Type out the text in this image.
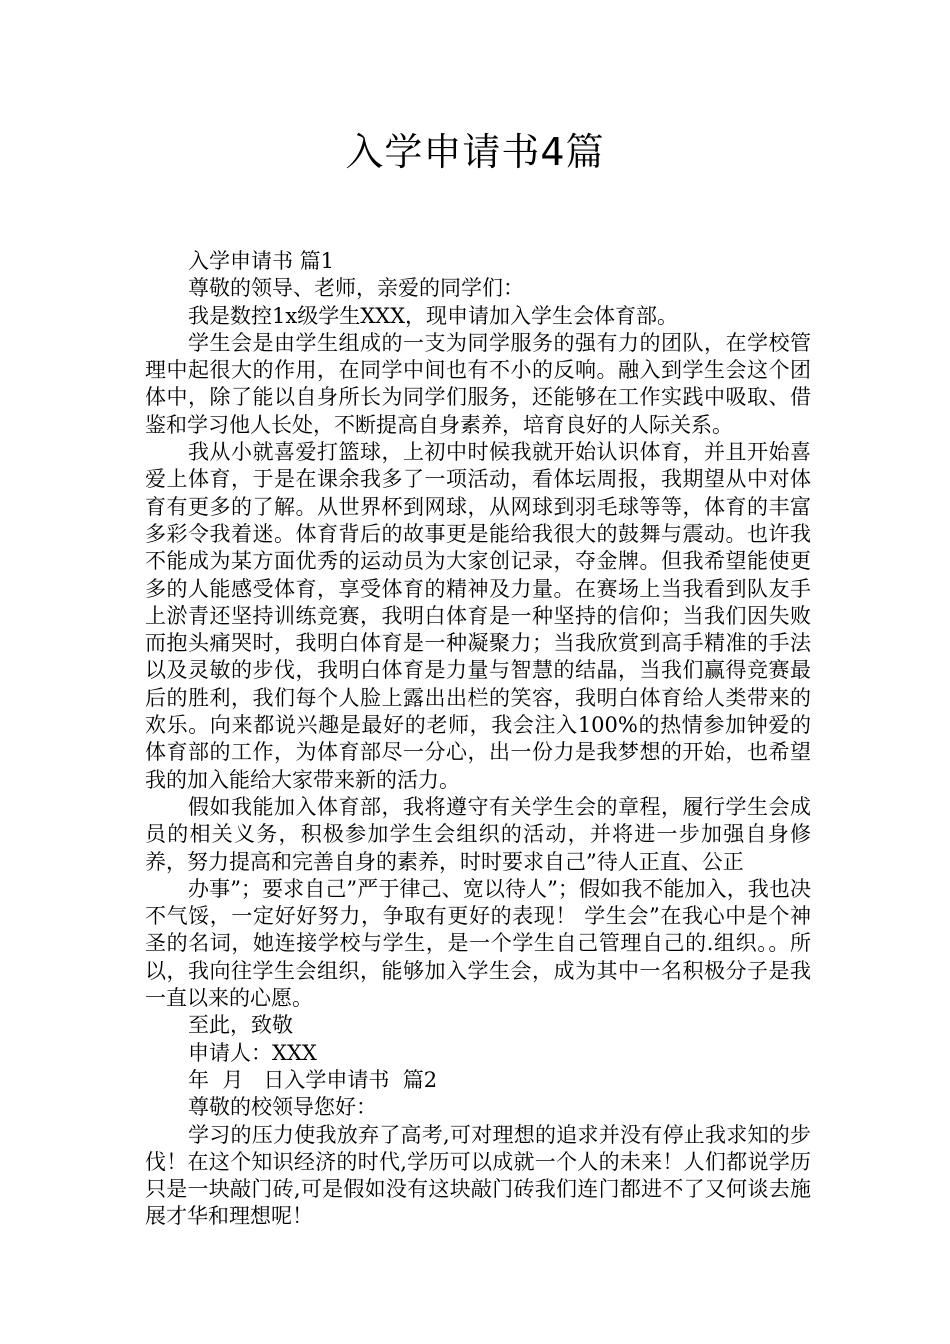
入学申请书4篇

入学申请书 篇1

尊敬的领导、老师，亲爱的同学们：

我是数控1x级学生XXX，现申请加入学生会体育部。

学生会是由学生组成的一支为同学服务的强有力的团队，在学校管理中起很大的作用，在同学中间也有不小的反响。融入到学生会这个团体中，除了能以自身所长为同学们服务，还能够在工作实践中吸取、借鉴和学习他人长处，不断提高自身素养，培育良好的人际关系。

我从小就喜爱打篮球，上初中时候我就开始认识体育，并且开始喜爱上体育，于是在课余我多了一项活动，看体坛周报，我期望从中对体育有更多的了解。从世界杯到网球，从网球到羽毛球等等，体育的丰富多彩令我着迷。体育背后的故事更是能给我很大的鼓舞与震动。也许我不能成为某方面优秀的运动员为大家创记录，夺金牌。但我希望能使更多的人能感受体育，享受体育的精神及力量。在赛场上当我看到队友手上淤青还坚持训练竞赛，我明白体育是一种坚持的信仰；当我们因失败而抱头痛哭时，我明白体育是一种凝聚力；当我欣赏到高手精准的手法以及灵敏的步伐，我明白体育是力量与智慧的结晶，当我们赢得竞赛最后的胜利，我们每个人脸上露出出栏的笑容，我明白体育给人类带来的欢乐。向来都说兴趣是最好的老师，我会注入100%的热情参加钟爱的体育部的工作，为体育部尽一分心，出一份力是我梦想的开始，也希望我的加入能给大家带来新的活力。

假如我能加入体育部，我将遵守有关学生会的章程，履行学生会成员的相关义务，积极参加学生会组织的活动，并将进一步加强自身修养，努力提高和完善自身的素养，时时要求自己”待人正直、公正

办事”；要求自己”严于律己、宽以待人”；假如我不能加入，我也决不气馁，一定好好努力，争取有更好的表现！ 学生会”在我心中是个神圣的名词，她连接学校与学生，是一个学生自己管理自己的.组织。。所以，我向往学生会组织，能够加入学生会，成为其中一名积极分子是我一直以来的心愿。

至此，致敬

申请人：XXX

年  月   日入学申请书  篇2

尊敬的校领导您好：

学习的压力使我放弃了高考,可对理想的追求并没有停止我求知的步伐！在这个知识经济的时代,学历可以成就一个人的未来！人们都说学历只是一块敲门砖,可是假如没有这块敲门砖我们连门都进不了又何谈去施展才华和理想呢！
